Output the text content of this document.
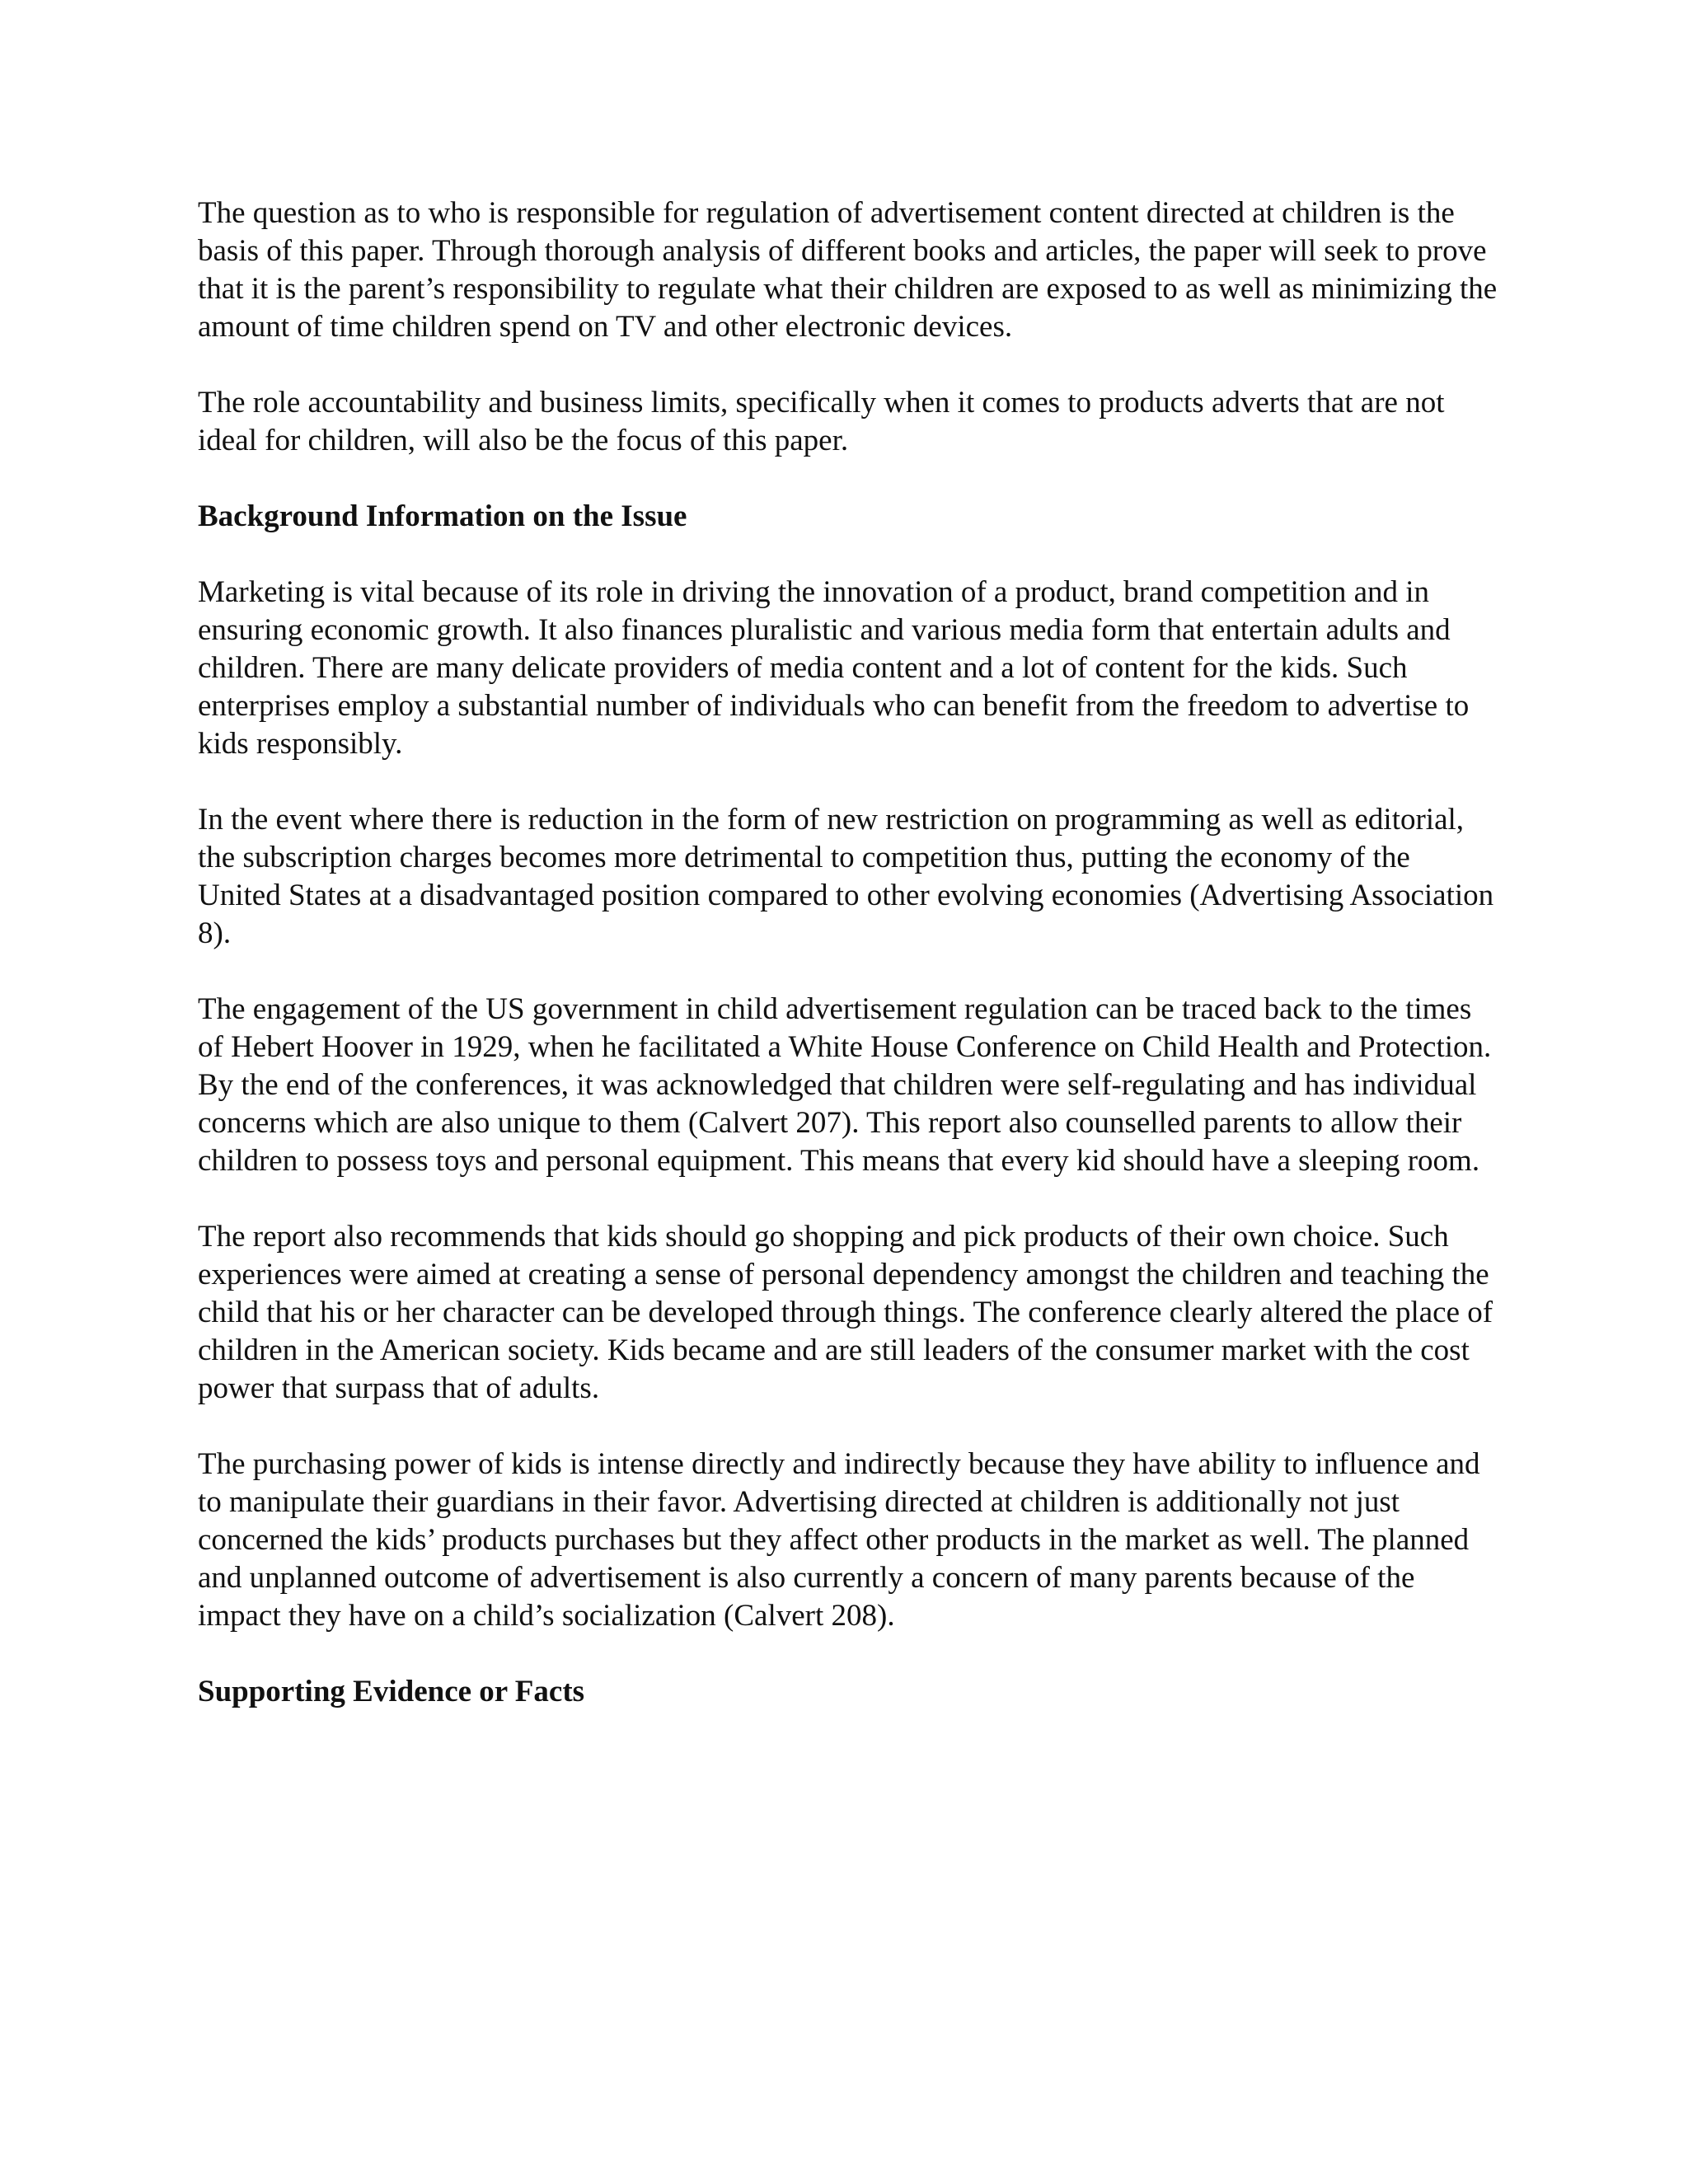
The question as to who is responsible for regulation of advertisement content directed at children is the basis of this paper. Through thorough analysis of different books and articles, the paper will seek to prove that it is the parent’s responsibility to regulate what their children are exposed to as well as minimizing the amount of time children spend on TV and other electronic devices.

The role accountability and business limits, specifically when it comes to products adverts that are not ideal for children, will also be the focus of this paper.

Background Information on the Issue

Marketing is vital because of its role in driving the innovation of a product, brand competition and in ensuring economic growth. It also finances pluralistic and various media form that entertain adults and children. There are many delicate providers of media content and a lot of content for the kids. Such enterprises employ a substantial number of individuals who can benefit from the freedom to advertise to kids responsibly.

In the event where there is reduction in the form of new restriction on programming as well as editorial, the subscription charges becomes more detrimental to competition thus, putting the economy of the United States at a disadvantaged position compared to other evolving economies (Advertising Association 8).

The engagement of the US government in child advertisement regulation can be traced back to the times of Hebert Hoover in 1929, when he facilitated a White House Conference on Child Health and Protection. By the end of the conferences, it was acknowledged that children were self-regulating and has individual concerns which are also unique to them (Calvert 207). This report also counselled parents to allow their children to possess toys and personal equipment. This means that every kid should have a sleeping room.

The report also recommends that kids should go shopping and pick products of their own choice. Such experiences were aimed at creating a sense of personal dependency amongst the children and teaching the child that his or her character can be developed through things. The conference clearly altered the place of children in the American society. Kids became and are still leaders of the consumer market with the cost power that surpass that of adults.

The purchasing power of kids is intense directly and indirectly because they have ability to influence and to manipulate their guardians in their favor. Advertising directed at children is additionally not just concerned the kids’ products purchases but they affect other products in the market as well. The planned and unplanned outcome of advertisement is also currently a concern of many parents because of the impact they have on a child’s socialization (Calvert 208).

Supporting Evidence or Facts
